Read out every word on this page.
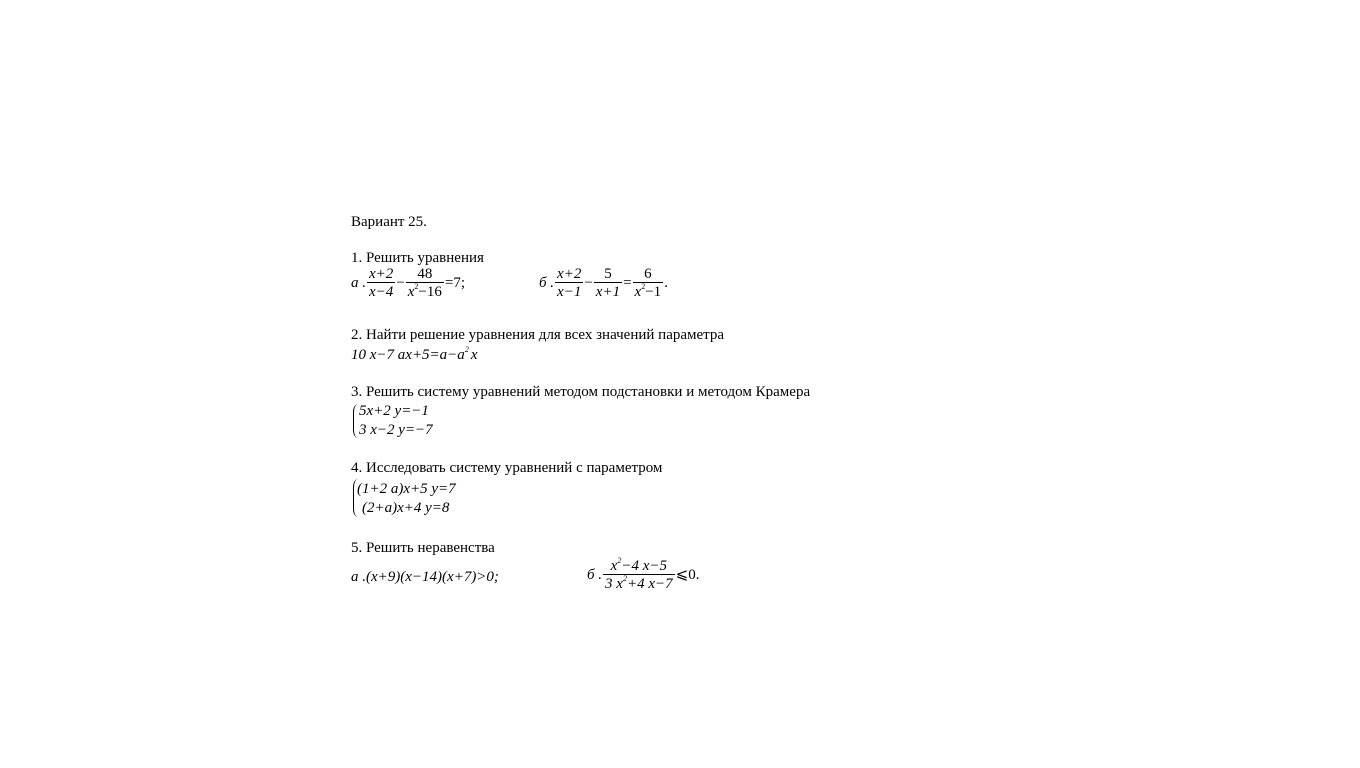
Вариант 25.
1. Решить уравнения
a . $\frac{x+2}{x-4} - \frac{48}{x^2-16} =7$;	б . $\frac{x+2}{x-1} - \frac{5}{x+1} = \frac{6}{x^2-1}$ .
2. Найти решение уравнения для всех значений параметра
10 x−7 $ax+5=a-a^2$ x
3. Решить систему уравнений методом подстановки и методом Крамера
5x+2 y=−1
3 x−2 y=−7
4. Исследовать систему уравнений с параметром
(1+2 a)x+5 y=7
(2+a)x+4 y=8
5. Решить неравенства
a .(x+9)(x−14)(x+7)>0;	б . $\frac{x^2-4 x-5}{3 x^2+4 x-7}$ ⩽0.
